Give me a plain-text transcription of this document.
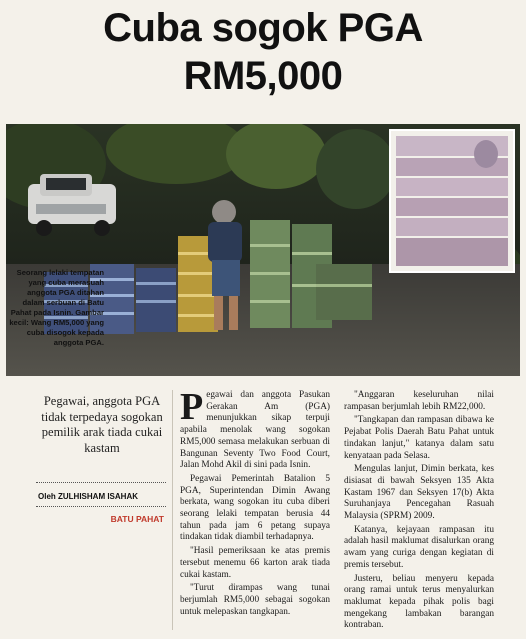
Cuba sogok PGA
RM5,000
Seorang lelaki tempatan yang cuba merasuah anggota PGA ditahan dalam serbuan di Batu Pahat pada Isnin. Gambar kecil: Wang RM5,000 yang cuba disogok kepada anggota PGA.
Pegawai, anggota PGA tidak terpedaya sogokan pemilik arak tiada cukai kastam
Oleh ZULHISHAM ISAHAK
BATU PAHAT

Pegawai dan anggota Pasukan Gerakan Am (PGA) menunjukkan sikap terpuji apabila menolak wang sogokan RM5,000 semasa melakukan serbuan di Bangunan Seventy Two Food Court, Jalan Mohd Akil di sini pada Isnin.

Pegawai Pemerintah Batalion 5 PGA, Superintendan Dimin Awang berkata, wang sogokan itu cuba diberi seorang lelaki tempatan berusia 44 tahun pada jam 6 petang supaya tindakan tidak diambil terhadapnya.

"Hasil pemeriksaan ke atas premis tersebut menemu 66 karton arak tiada cukai kastam.

"Turut dirampas wang tunai berjumlah RM5,000 sebagai sogokan untuk melepaskan tangkapan.

"Anggaran keseluruhan nilai rampasan berjumlah lebih RM22,000.

"Tangkapan dan rampasan dibawa ke Pejabat Polis Daerah Batu Pahat untuk tindakan lanjut," katanya dalam satu kenyataan pada Selasa.

Mengulas lanjut, Dimin berkata, kes disiasat di bawah Seksyen 135 Akta Kastam 1967 dan Seksyen 17(b) Akta Suruhanjaya Pencegahan Rasuah Malaysia (SPRM) 2009.

Katanya, kejayaan rampasan itu adalah hasil maklumat disalurkan orang awam yang curiga dengan kegiatan di premis tersebut.

Justeru, beliau menyeru kepada orang ramai untuk terus menyalurkan maklumat kepada pihak polis bagi mengekang lambakan barangan kontraban.
